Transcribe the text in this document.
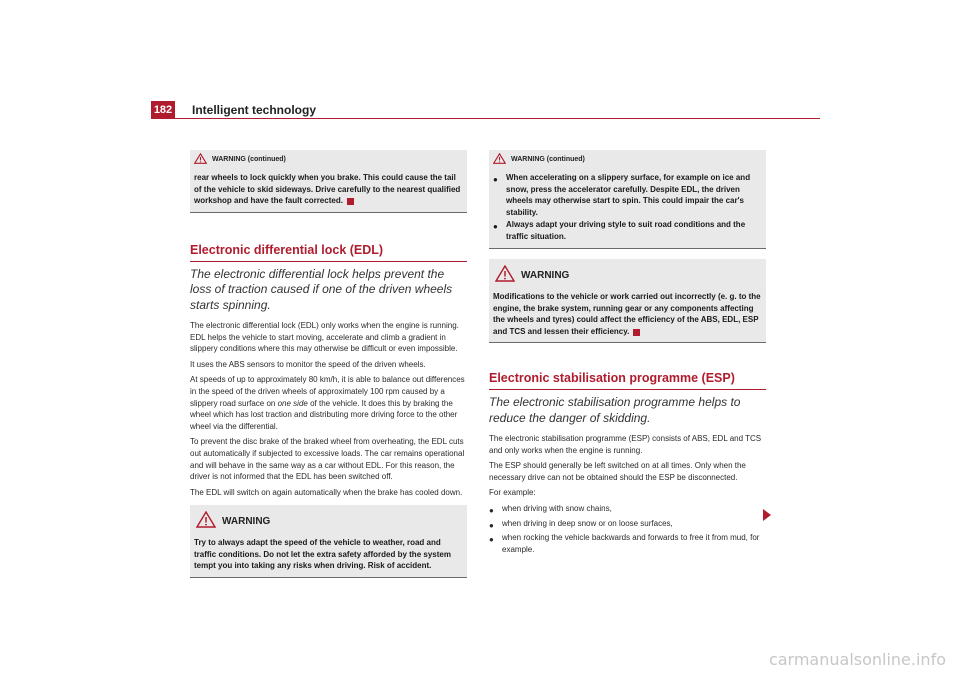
182 Intelligent technology
WARNING (continued)
rear wheels to lock quickly when you brake. This could cause the tail of the vehicle to skid sideways. Drive carefully to the nearest qualified workshop and have the fault corrected.
Electronic differential lock (EDL)
The electronic differential lock helps prevent the loss of traction caused if one of the driven wheels starts spinning.

The electronic differential lock (EDL) only works when the engine is running. EDL helps the vehicle to start moving, accelerate and climb a gradient in slippery conditions where this may otherwise be difficult or even impossible.

It uses the ABS sensors to monitor the speed of the driven wheels.

At speeds of up to approximately 80 km/h, it is able to balance out differences in the speed of the driven wheels of approximately 100 rpm caused by a slippery road surface on one side of the vehicle. It does this by braking the wheel which has lost traction and distributing more driving force to the other wheel via the differential.

To prevent the disc brake of the braked wheel from overheating, the EDL cuts out automatically if subjected to excessive loads. The car remains operational and will behave in the same way as a car without EDL. For this reason, the driver is not informed that the EDL has been switched off.

The EDL will switch on again automatically when the brake has cooled down.

WARNING
Try to always adapt the speed of the vehicle to weather, road and traffic conditions. Do not let the extra safety afforded by the system tempt you into taking any risks when driving. Risk of accident.
WARNING (continued)
● When accelerating on a slippery surface, for example on ice and snow, press the accelerator carefully. Despite EDL, the driven wheels may otherwise start to spin. This could impair the car's stability.
● Always adapt your driving style to suit road conditions and the traffic situation.
WARNING
Modifications to the vehicle or work carried out incorrectly (e. g. to the engine, the brake system, running gear or any components affecting the wheels and tyres) could affect the efficiency of the ABS, EDL, ESP and TCS and lessen their efficiency.
Electronic stabilisation programme (ESP)
The electronic stabilisation programme helps to reduce the danger of skidding.

The electronic stabilisation programme (ESP) consists of ABS, EDL and TCS and only works when the engine is running.

The ESP should generally be left switched on at all times. Only when the necessary drive can not be obtained should the ESP be disconnected.

For example:

● when driving with snow chains,
● when driving in deep snow or on loose surfaces,
● when rocking the vehicle backwards and forwards to free it from mud, for example.
carmanualsonline.info
